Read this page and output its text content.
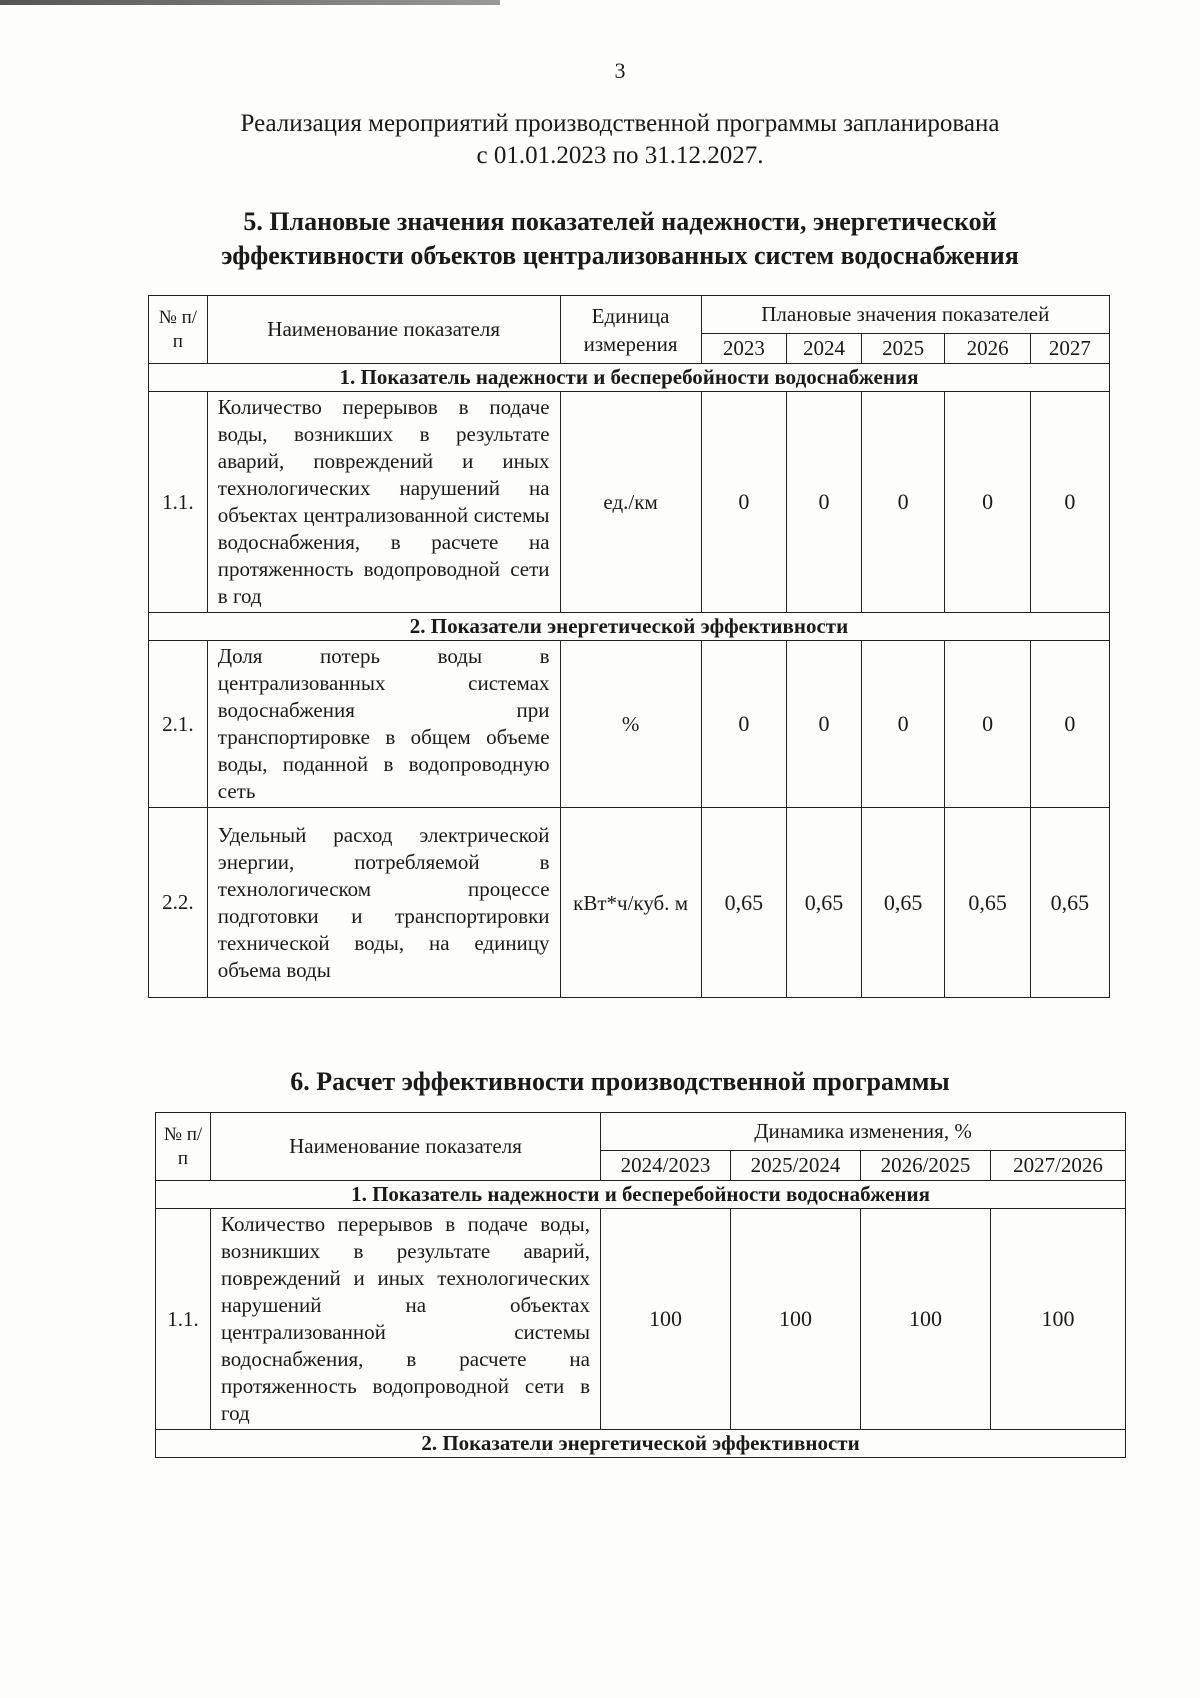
3
Реализация мероприятий производственной программы запланирована
с 01.01.2023 по 31.12.2027.
5. Плановые значения показателей надежности, энергетической
эффективности объектов централизованных систем водоснабжения
№ п/п	Наименование показателя	Единица измерения	Плановые значения показателей				
			2023	2024	2025	2026	2027
1. Показатель надежности и бесперебойности водоснабжения							
1.1.	Количество перерывов в подаче воды, возникших в результате аварий, повреждений и иных технологических нарушений на объектах централизованной системы водоснабжения, в расчете на протяженность водопроводной сети в год	ед./км	0	0	0	0	0
2. Показатели энергетической эффективности							
2.1.	Доля потерь воды в централизованных системах водоснабжения при транспортировке в общем объеме воды, поданной в водопроводную сеть	%	0	0	0	0	0
2.2.	Удельный расход электрической энергии, потребляемой в технологическом процессе подготовки и транспортировки технической воды, на единицу объема воды	кВт*ч/куб. м	0,65	0,65	0,65	0,65	0,65
6. Расчет эффективности производственной программы
№ п/п	Наименование показателя	Динамика изменения, %			
		2024/2023	2025/2024	2026/2025	2027/2026
1. Показатель надежности и бесперебойности водоснабжения					
1.1.	Количество перерывов в подаче воды, возникших в результате аварий, повреждений и иных технологических нарушений на объектах централизованной системы водоснабжения, в расчете на протяженность водопроводной сети в год	100	100	100	100
2. Показатели энергетической эффективности					
